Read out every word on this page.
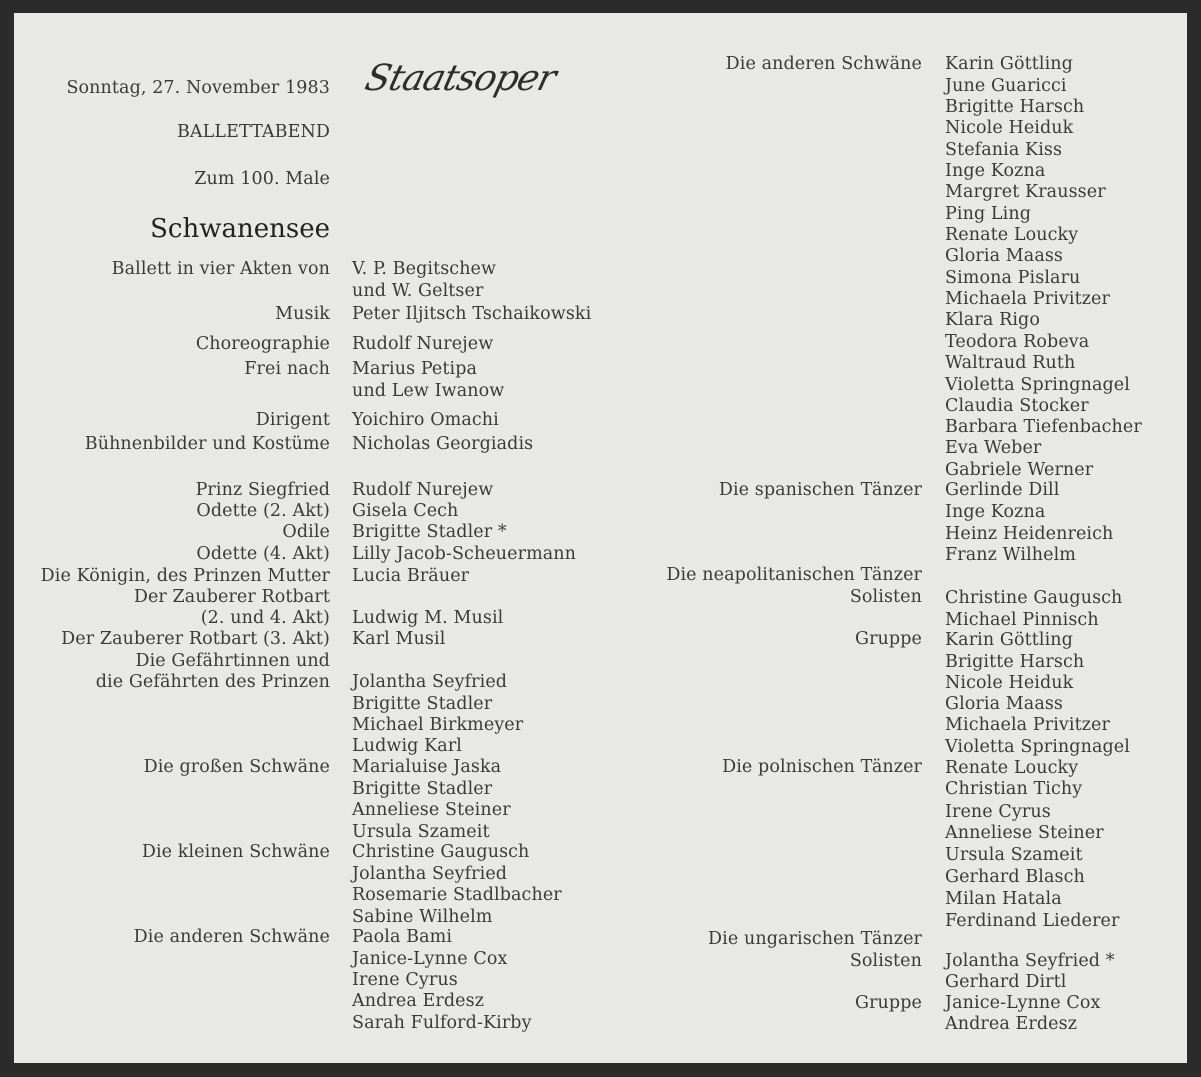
Sonntag, 27. November 1983 Staatsoper
BALLETTABEND
Zum 100. Male
Schwanensee
Ballett in vier Akten von V. P. Begitschew
und W. Geltser
Musik Peter Iljitsch Tschaikowski
Choreographie Rudolf Nurejew
Frei nach Marius Petipa
und Lew Iwanow
Dirigent Yoichiro Omachi
Bühnenbilder und Kostüme Nicholas Georgiadis
Prinz Siegfried Rudolf Nurejew
Odette (2. Akt) Gisela Cech
Odile Brigitte Stadler *
Odette (4. Akt) Lilly Jacob-Scheuermann
Die Königin, des Prinzen Mutter Lucia Bräuer
Der Zauberer Rotbart
(2. und 4. Akt) Ludwig M. Musil
Der Zauberer Rotbart (3. Akt) Karl Musil
Die Gefährtinnen und
die Gefährten des Prinzen Jolantha Seyfried
Brigitte Stadler
Michael Birkmeyer
Ludwig Karl
Die großen Schwäne Marialuise Jaska
Brigitte Stadler
Anneliese Steiner
Ursula Szameit
Die kleinen Schwäne Christine Gaugusch
Jolantha Seyfried
Rosemarie Stadlbacher
Sabine Wilhelm
Die anderen Schwäne Paola Bami
Janice-Lynne Cox
Irene Cyrus
Andrea Erdesz
Sarah Fulford-Kirby
Die anderen Schwäne Karin Göttling
June Guaricci
Brigitte Harsch
Nicole Heiduk
Stefania Kiss
Inge Kozna
Margret Krausser
Ping Ling
Renate Loucky
Gloria Maass
Simona Pislaru
Michaela Privitzer
Klara Rigo
Teodora Robeva
Waltraud Ruth
Violetta Springnagel
Claudia Stocker
Barbara Tiefenbacher
Eva Weber
Gabriele Werner
Die spanischen Tänzer Gerlinde Dill
Inge Kozna
Heinz Heidenreich
Franz Wilhelm
Die neapolitanischen Tänzer
Solisten Christine Gaugusch
Michael Pinnisch
Gruppe Karin Göttling
Brigitte Harsch
Nicole Heiduk
Gloria Maass
Michaela Privitzer
Violetta Springnagel
Die polnischen Tänzer Renate Loucky
Christian Tichy
Irene Cyrus
Anneliese Steiner
Ursula Szameit
Gerhard Blasch
Milan Hatala
Ferdinand Liederer
Die ungarischen Tänzer
Solisten Jolantha Seyfried *
Gerhard Dirtl
Gruppe Janice-Lynne Cox
Andrea Erdesz
